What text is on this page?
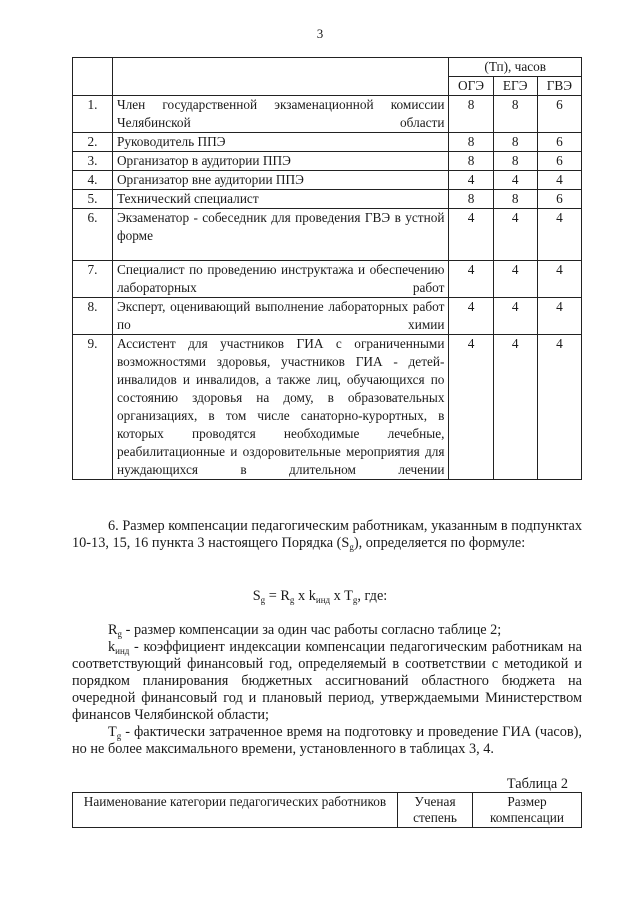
3
		(Тп), часов		
		ОГЭ	ЕГЭ	ГВЭ
1.	Член государственной экзаменационной комиссии Челябинской области	8	8	6
2.	Руководитель ППЭ	8	8	6
3.	Организатор в аудитории ППЭ	8	8	6
4.	Организатор вне аудитории ППЭ	4	4	4
5.	Технический специалист	8	8	6
6.	Экзаменатор - собеседник для проведения ГВЭ в устной форме	4	4	4
7.	Специалист по проведению инструктажа и обеспечению лабораторных работ	4	4	4
8.	Эксперт, оценивающий выполнение лабораторных работ по химии	4	4	4
9.	Ассистент для участников ГИА с ограниченными возможностями здоровья, участников ГИА - детей-инвалидов и инвалидов, а также лиц, обучающихся по состоянию здоровья на дому, в образовательных организациях, в том числе санаторно-курортных, в которых проводятся необходимые лечебные, реабилитационные и оздоровительные мероприятия для нуждающихся в длительном лечении	4	4	4

6. Размер компенсации педагогическим работникам, указанным в подпунктах 10-13, 15, 16 пункта 3 настоящего Порядка $(S_g)$, определяется по формуле:

$S_g = R_g$ x $k_{инд}$ x $T_g$, где:

$R_g$ - размер компенсации за один час работы согласно таблице 2;

$k_{инд}$ - коэффициент индексации компенсации педагогическим работникам на соответствующий финансовый год, определяемый в соответствии с методикой и порядком планирования бюджетных ассигнований областного бюджета на очередной финансовый год и плановый период, утверждаемыми Министерством финансов Челябинской области;

$T_g$ - фактически затраченное время на подготовку и проведение ГИА (часов), но не более максимального времени, установленного в таблицах 3, 4.

Таблица 2
Наименование категории педагогических работников	Ученая степень	Размер компенсации
